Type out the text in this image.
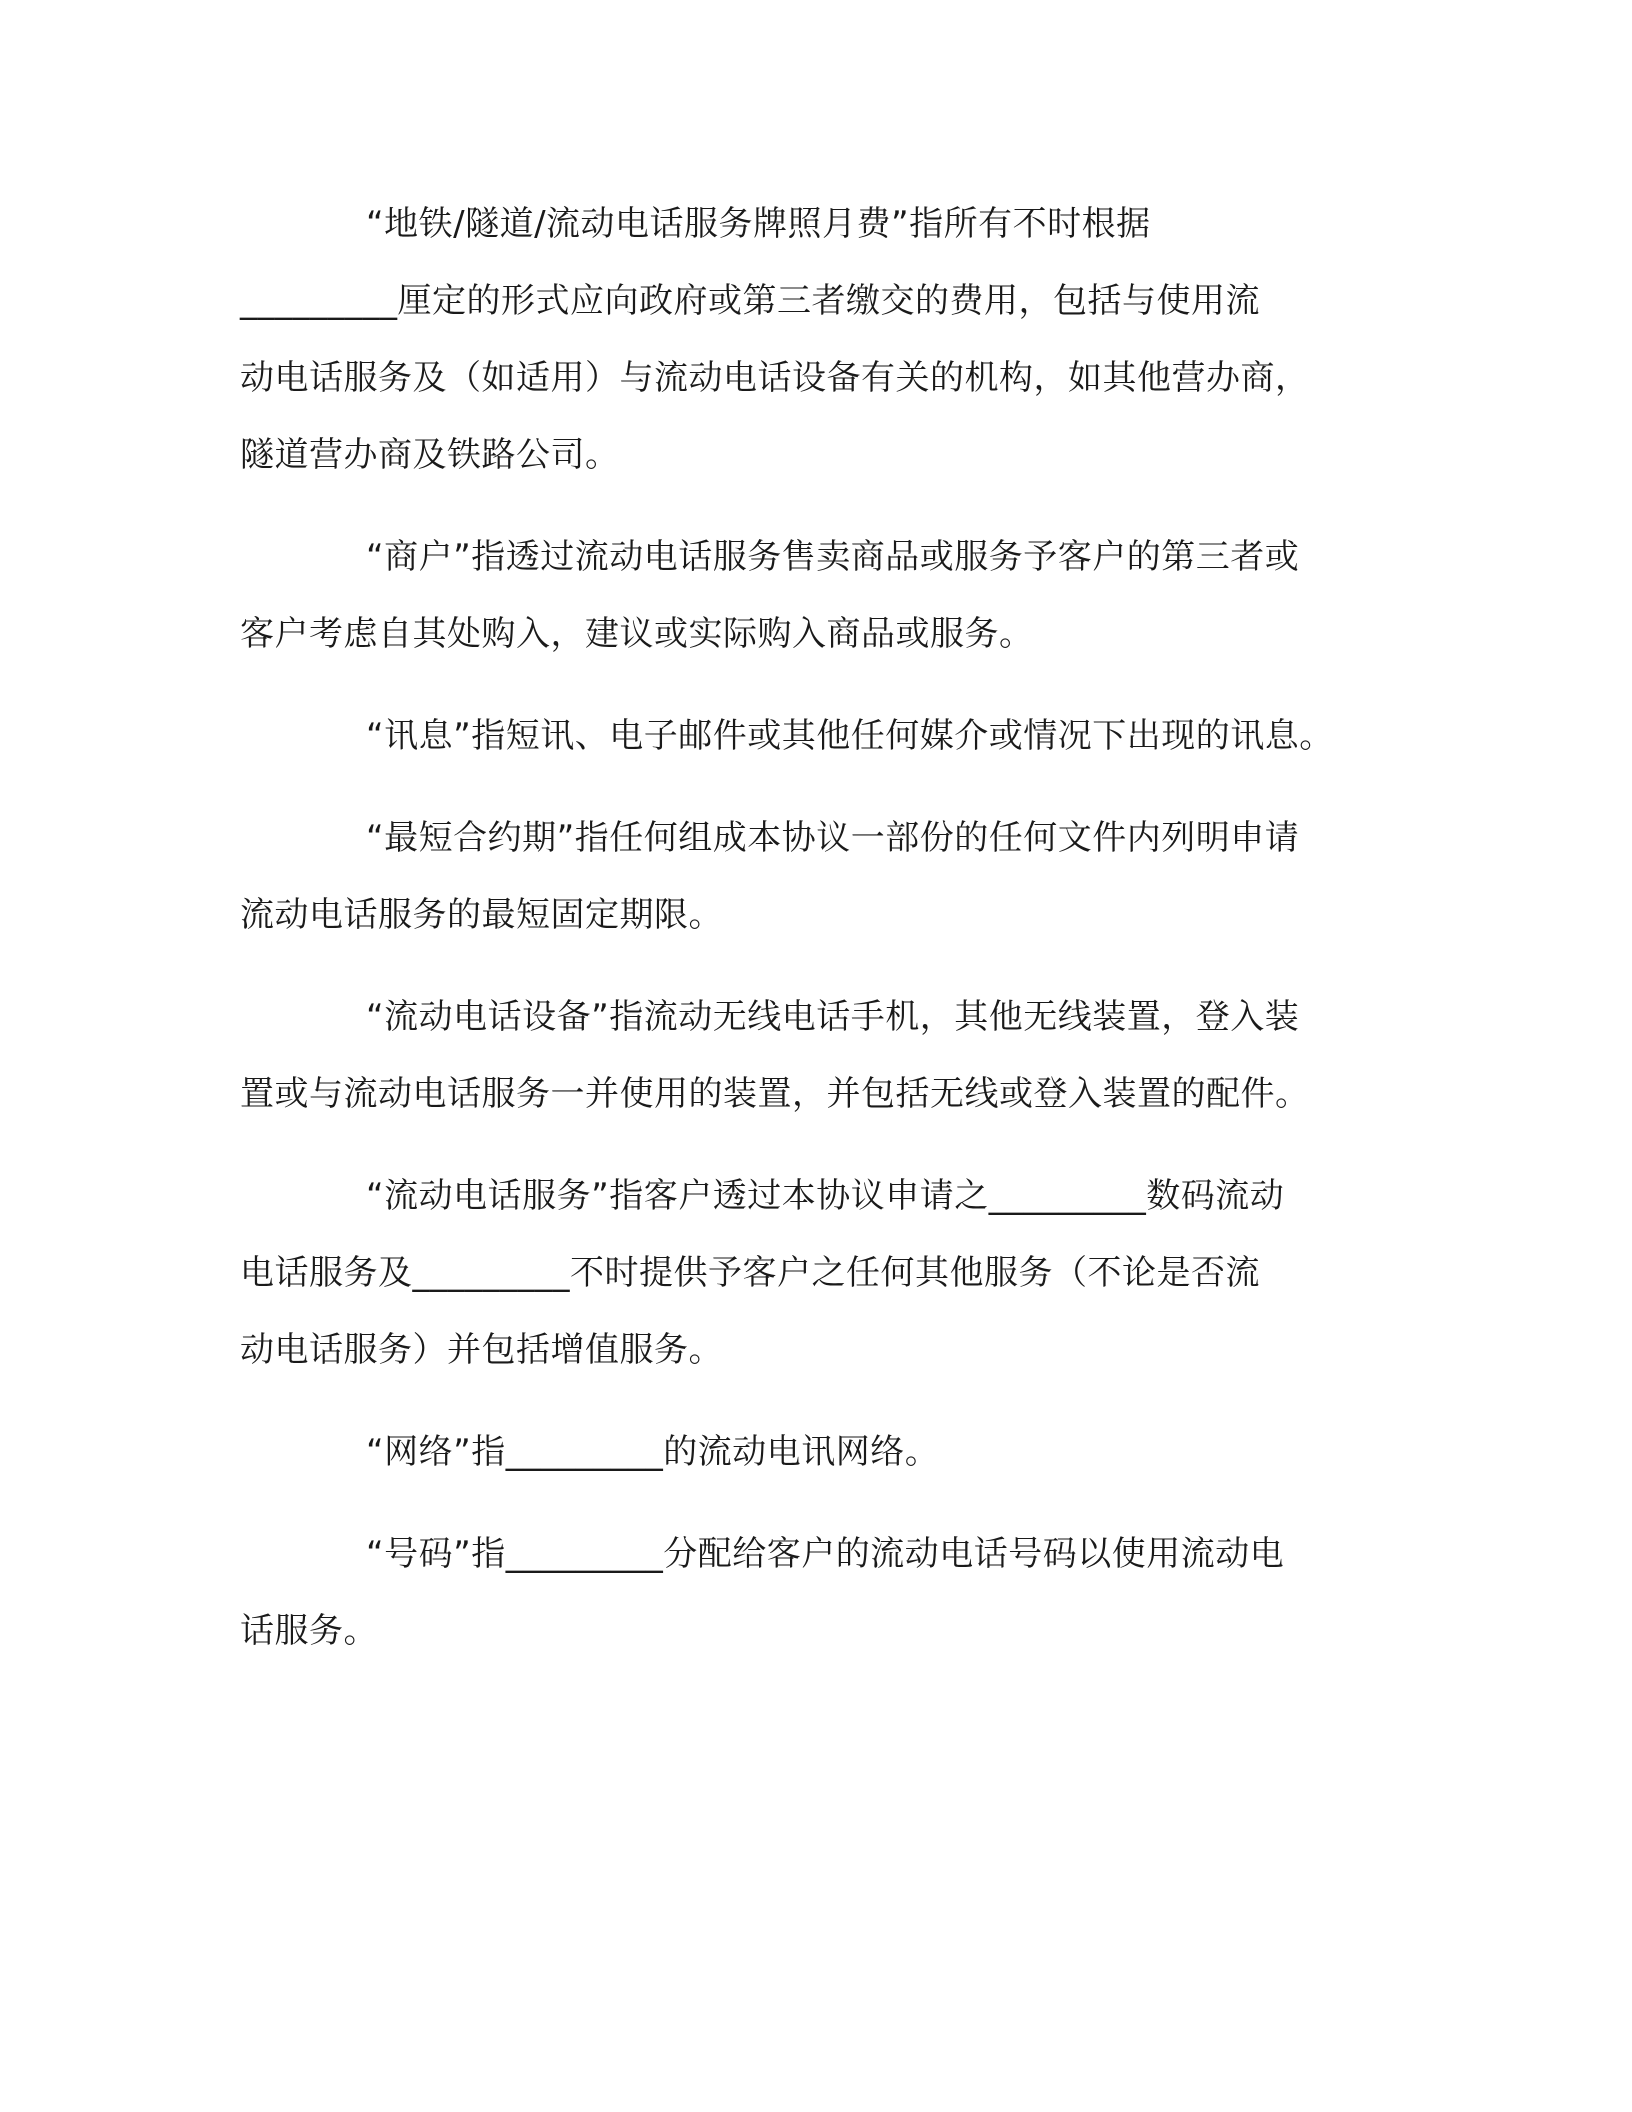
“地铁/隧道/流动电话服务牌照月费”指所有不时根据
_________厘定的形式应向政府或第三者缴交的费用，包括与使用流
动电话服务及（如适用）与流动电话设备有关的机构，如其他营办商，
隧道营办商及铁路公司。
“商户”指透过流动电话服务售卖商品或服务予客户的第三者或
客户考虑自其处购入，建议或实际购入商品或服务。
“讯息”指短讯、电子邮件或其他任何媒介或情况下出现的讯息。
“最短合约期”指任何组成本协议一部份的任何文件内列明申请
流动电话服务的最短固定期限。
“流动电话设备”指流动无线电话手机，其他无线装置，登入装
置或与流动电话服务一并使用的装置，并包括无线或登入装置的配件。
“流动电话服务”指客户透过本协议申请之_________数码流动
电话服务及_________不时提供予客户之任何其他服务（不论是否流
动电话服务）并包括增值服务。
“网络”指_________的流动电讯网络。
“号码”指_________分配给客户的流动电话号码以使用流动电
话服务。
